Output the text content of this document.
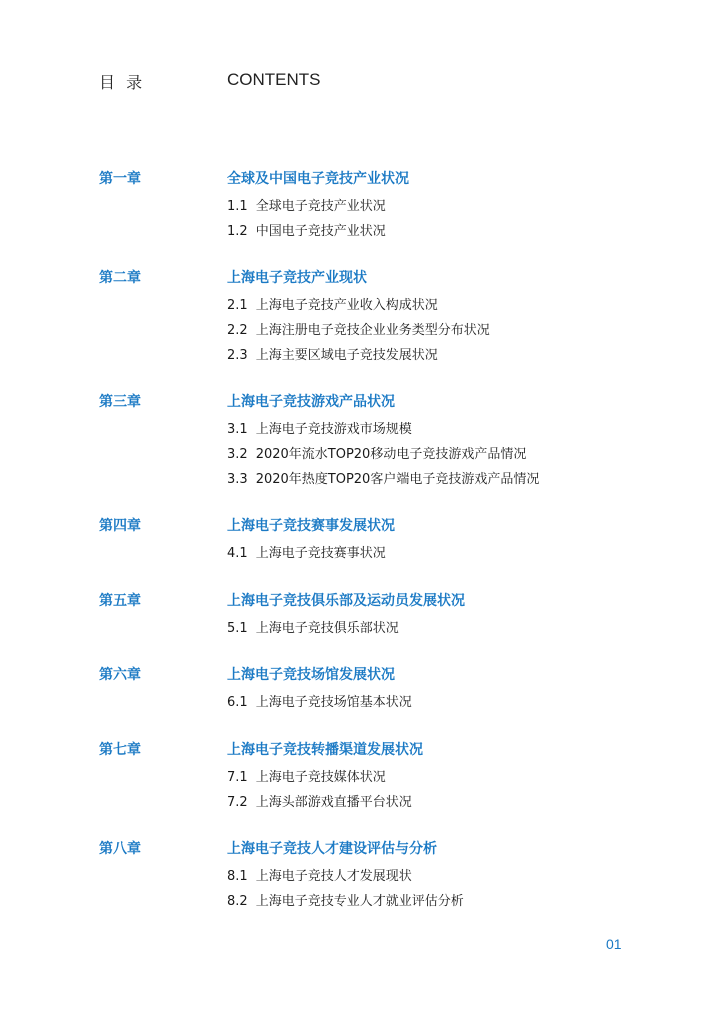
目 录	CONTENTS
第一章	全球及中国电子竞技产业状况
1.1 全球电子竞技产业状况
1.2 中国电子竞技产业状况
第二章	上海电子竞技产业现状
2.1 上海电子竞技产业收入构成状况
2.2 上海注册电子竞技企业业务类型分布状况
2.3 上海主要区域电子竞技发展状况
第三章	上海电子竞技游戏产品状况
3.1 上海电子竞技游戏市场规模
3.2 2020年流水TOP20移动电子竞技游戏产品情况
3.3 2020年热度TOP20客户端电子竞技游戏产品情况
第四章	上海电子竞技赛事发展状况
4.1 上海电子竞技赛事状况
第五章	上海电子竞技俱乐部及运动员发展状况
5.1 上海电子竞技俱乐部状况
第六章	上海电子竞技场馆发展状况
6.1 上海电子竞技场馆基本状况
第七章	上海电子竞技转播渠道发展状况
7.1 上海电子竞技媒体状况
7.2 上海头部游戏直播平台状况
第八章	上海电子竞技人才建设评估与分析
8.1 上海电子竞技人才发展现状
8.2 上海电子竞技专业人才就业评估分析
01
